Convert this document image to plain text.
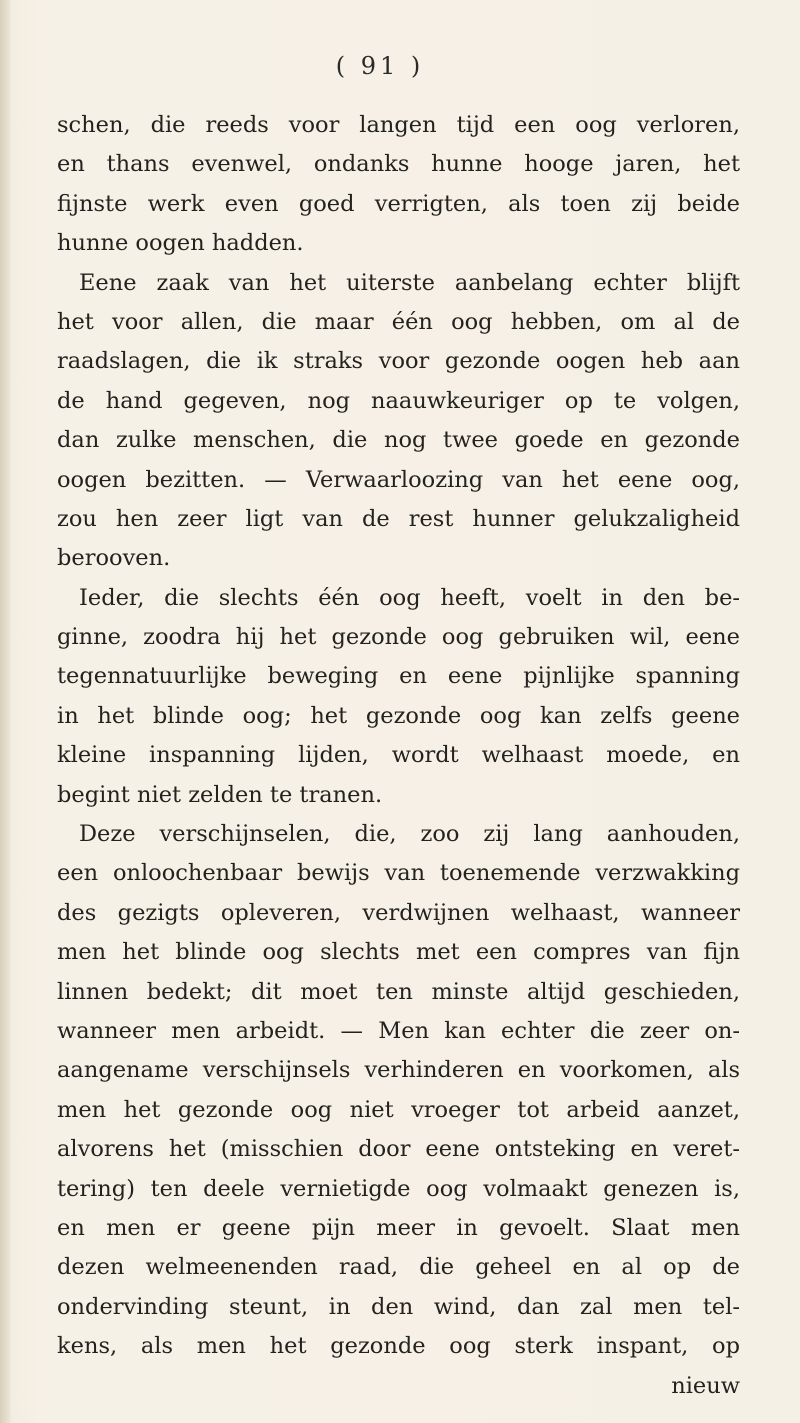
( 91 )
schen, die reeds voor langen tijd een oog verloren,
en thans evenwel, ondanks hunne hooge jaren, het
fijnste werk even goed verrigten, als toen zij beide
hunne oogen hadden.
Eene zaak van het uiterste aanbelang echter blijft
het voor allen, die maar één oog hebben, om al de
raadslagen, die ik straks voor gezonde oogen heb aan
de hand gegeven, nog naauwkeuriger op te volgen,
dan zulke menschen, die nog twee goede en gezonde
oogen bezitten. — Verwaarloozing van het eene oog,
zou hen zeer ligt van de rest hunner gelukzaligheid
berooven.
Ieder, die slechts één oog heeft, voelt in den be-
ginne, zoodra hij het gezonde oog gebruiken wil, eene
tegennatuurlijke beweging en eene pijnlijke spanning
in het blinde oog; het gezonde oog kan zelfs geene
kleine inspanning lijden, wordt welhaast moede, en
begint niet zelden te tranen.
Deze verschijnselen, die, zoo zij lang aanhouden,
een onloochenbaar bewijs van toenemende verzwakking
des gezigts opleveren, verdwijnen welhaast, wanneer
men het blinde oog slechts met een compres van fijn
linnen bedekt; dit moet ten minste altijd geschieden,
wanneer men arbeidt. — Men kan echter die zeer on-
aangename verschijnsels verhinderen en voorkomen, als
men het gezonde oog niet vroeger tot arbeid aanzet,
alvorens het (misschien door eene ontsteking en veret-
tering) ten deele vernietigde oog volmaakt genezen is,
en men er geene pijn meer in gevoelt. Slaat men
dezen welmeenenden raad, die geheel en al op de
ondervinding steunt, in den wind, dan zal men tel-
kens, als men het gezonde oog sterk inspant, op
nieuw
